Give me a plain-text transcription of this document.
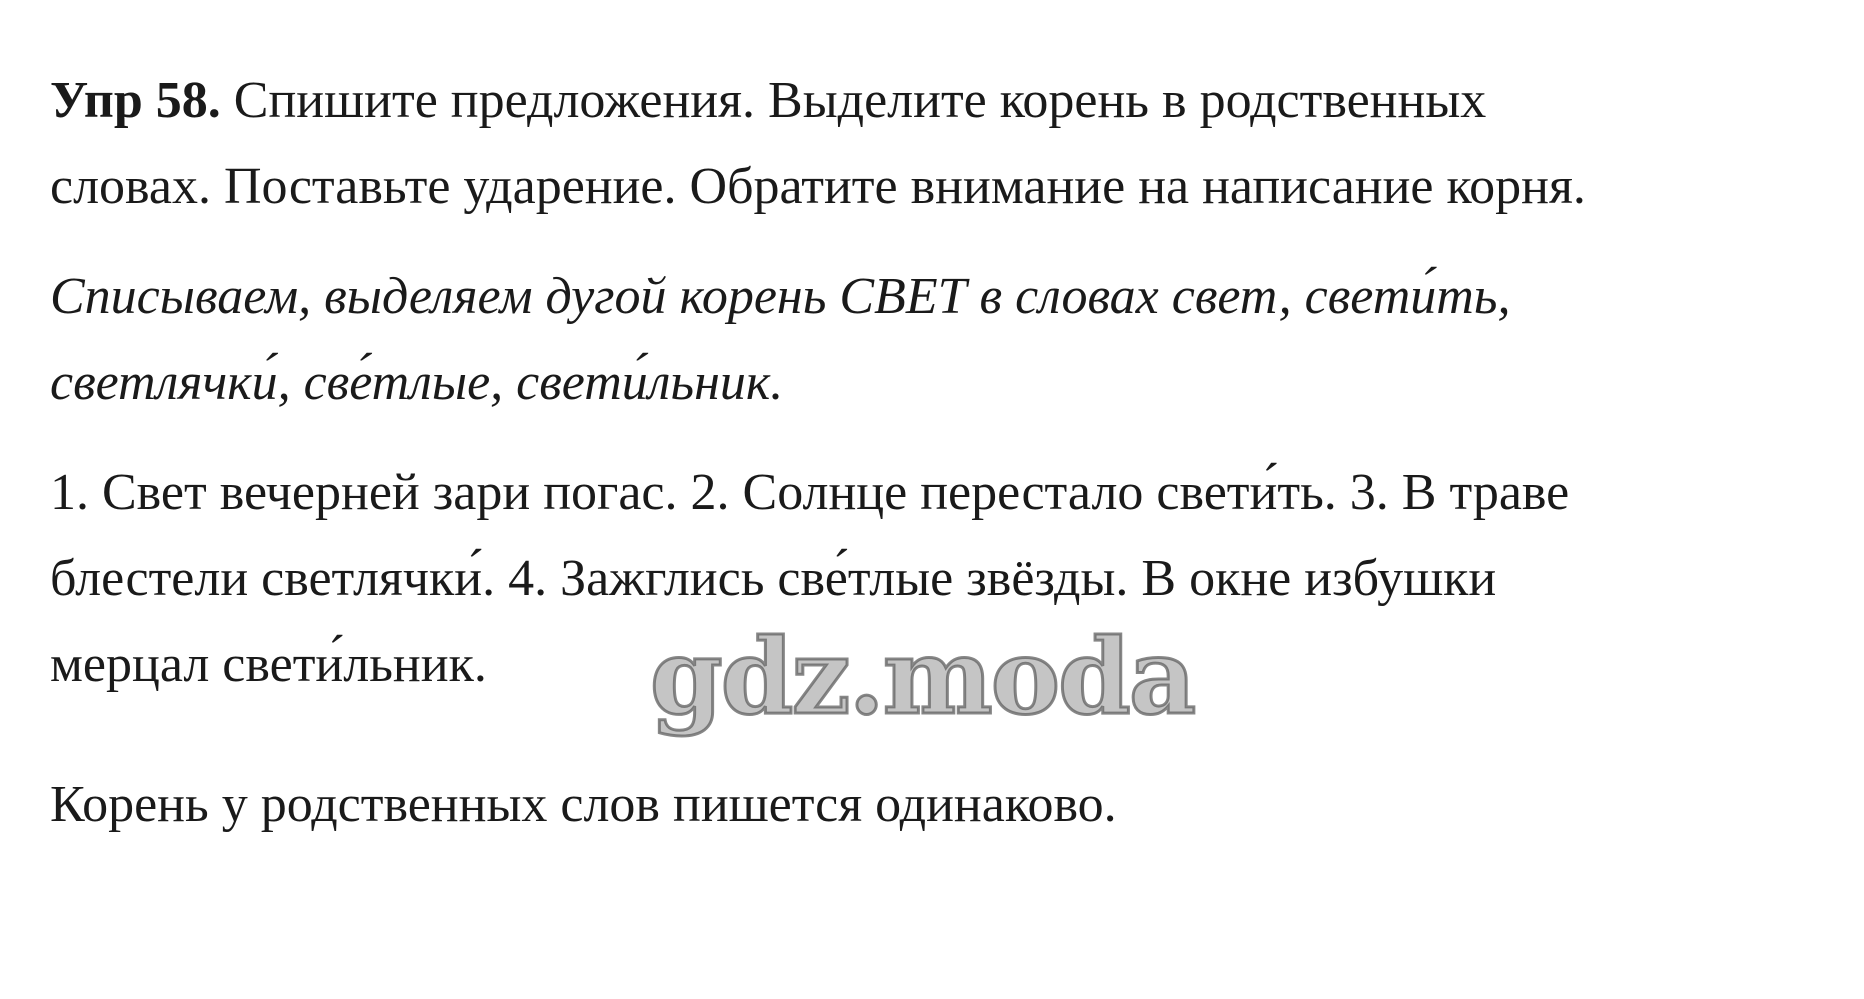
Упр 58. Спишите предложения. Выделите корень в родственных
словах. Поставьте ударение. Обратите внимание на написание корня.

Списываем, выделяем дугой корень СВЕТ в словах свет, свети́ть,
светлячки́, све́тлые, свети́льник.

1. Свет вечерней зари погас. 2. Солнце перестало свети́ть. 3. В траве
блестели светлячки́. 4. Зажглись све́тлые звёзды. В окне избушки
мерцал свети́льник.

Корень у родственных слов пишется одинаково.

gdz.moda
